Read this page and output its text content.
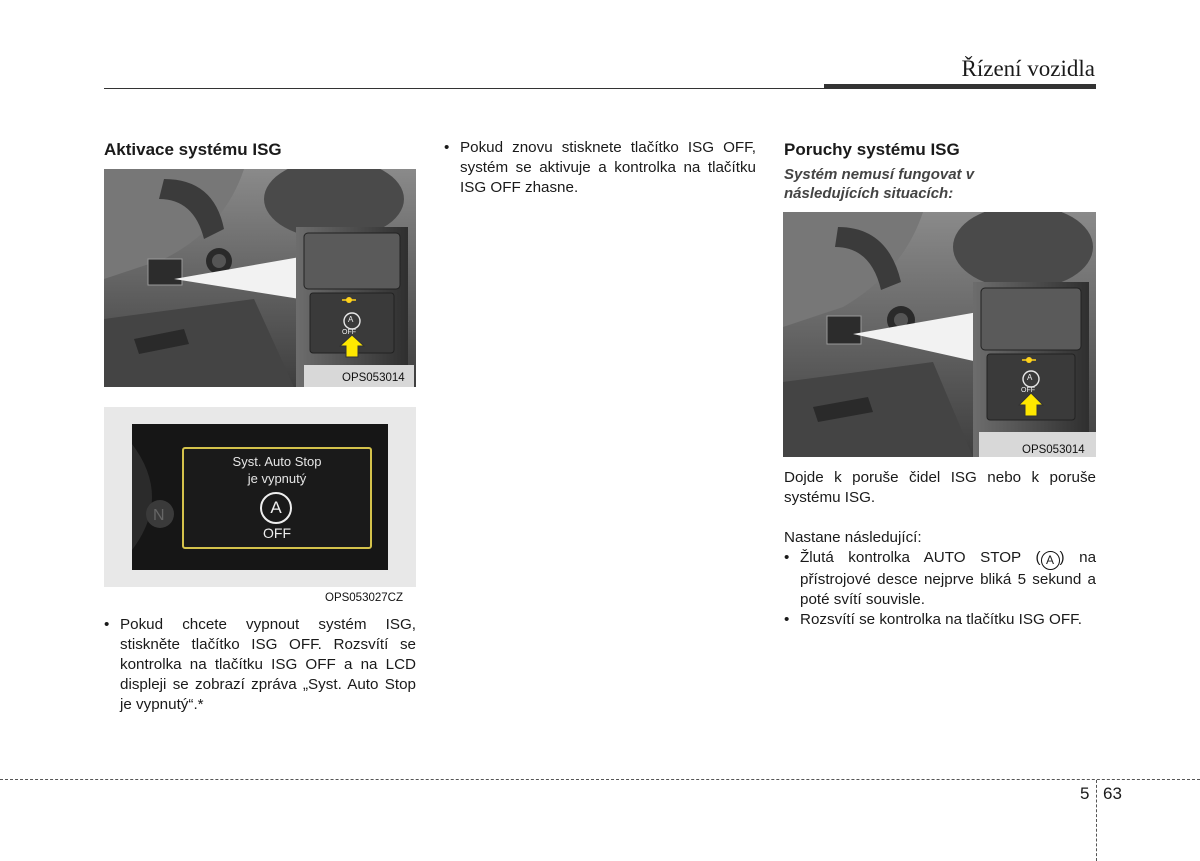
Řízení vozidla
Aktivace systému ISG
A
OFF
OPS053014
N
Syst. Auto Stop
je vypnutý
A
OFF
OPS053027CZ
• Pokud chcete vypnout systém ISG, stiskněte tlačítko ISG OFF. Rozsvítí se kontrolka na tlačítku ISG OFF a na LCD displeji se zobrazí zpráva „Syst. Auto Stop je vypnutý“.*
• Pokud znovu stisknete tlačítko ISG OFF, systém se aktivuje a kontrolka na tlačítku ISG OFF zhasne.
Poruchy systému ISG
Systém nemusí fungovat v následujících situacích:
A
OFF
OPS053014
Dojde k poruše čidel ISG nebo k poruše systému ISG.
Nastane následující:
• Žlutá kontrolka AUTO STOP ( A ) na přístrojové desce nejprve bliká 5 sekund a poté svítí souvisle.
• Rozsvítí se kontrolka na tlačítku ISG OFF.
5 63
